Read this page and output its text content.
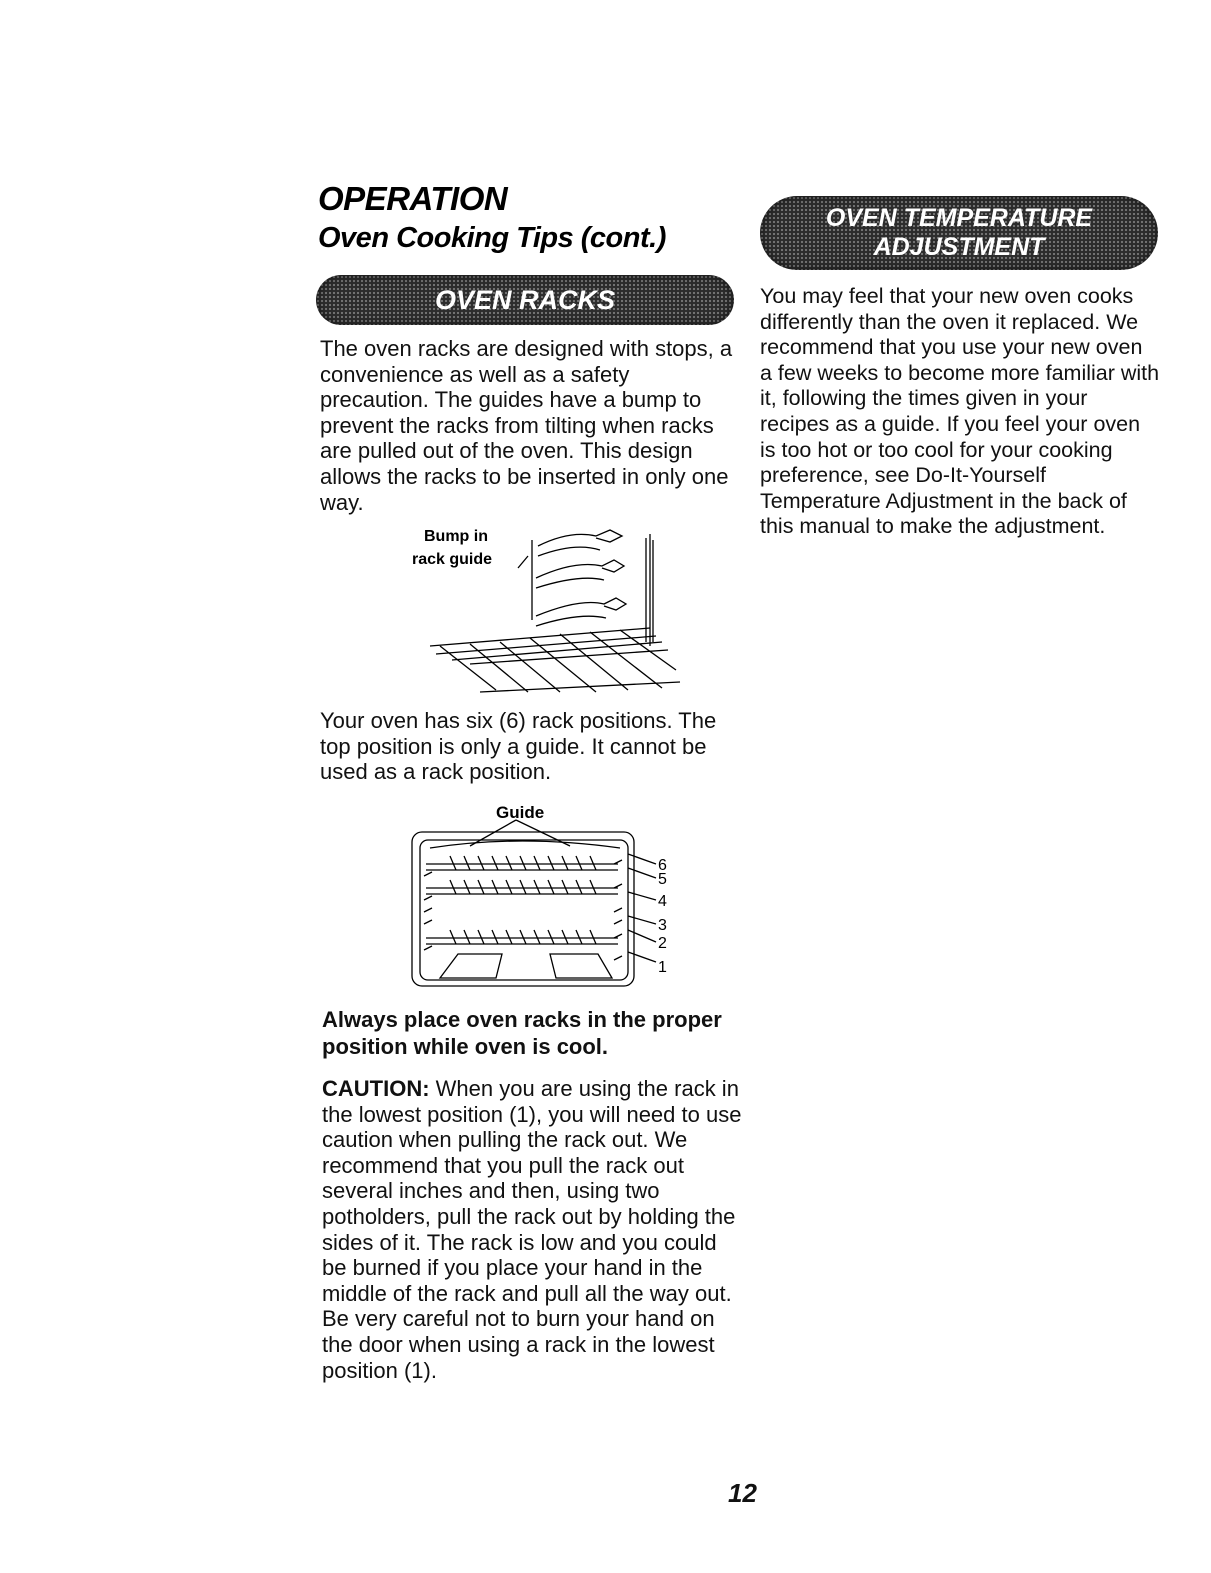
OPERATION
Oven Cooking Tips (cont.)
OVEN RACKS
OVEN TEMPERATURE
ADJUSTMENT
The oven racks are designed with stops, a convenience as well as a safety precaution. The guides have a bump to prevent the racks from tilting when racks are pulled out of the oven. This design allows the racks to be inserted in only one way.
You may feel that your new oven cooks differently than the oven it replaced. We recommend that you use your new oven a few weeks to become more familiar with it, following the times given in your recipes as a guide. If you feel your oven is too hot or too cool for your cooking preference, see Do-It-Yourself Temperature Adjustment in the back of this manual to make the adjustment.
Bump in
rack guide
Your oven has six (6) rack positions. The top position is only a guide. It cannot be used as a rack position.
Guide
6
5
4
3
2
1
Always place oven racks in the proper position while oven is cool.
CAUTION: When you are using the rack in the lowest position (1), you will need to use caution when pulling the rack out. We recommend that you pull the rack out several inches and then, using two potholders, pull the rack out by holding the sides of it. The rack is low and you could be burned if you place your hand in the middle of the rack and pull all the way out. Be very careful not to burn your hand on the door when using a rack in the lowest position (1).
12
